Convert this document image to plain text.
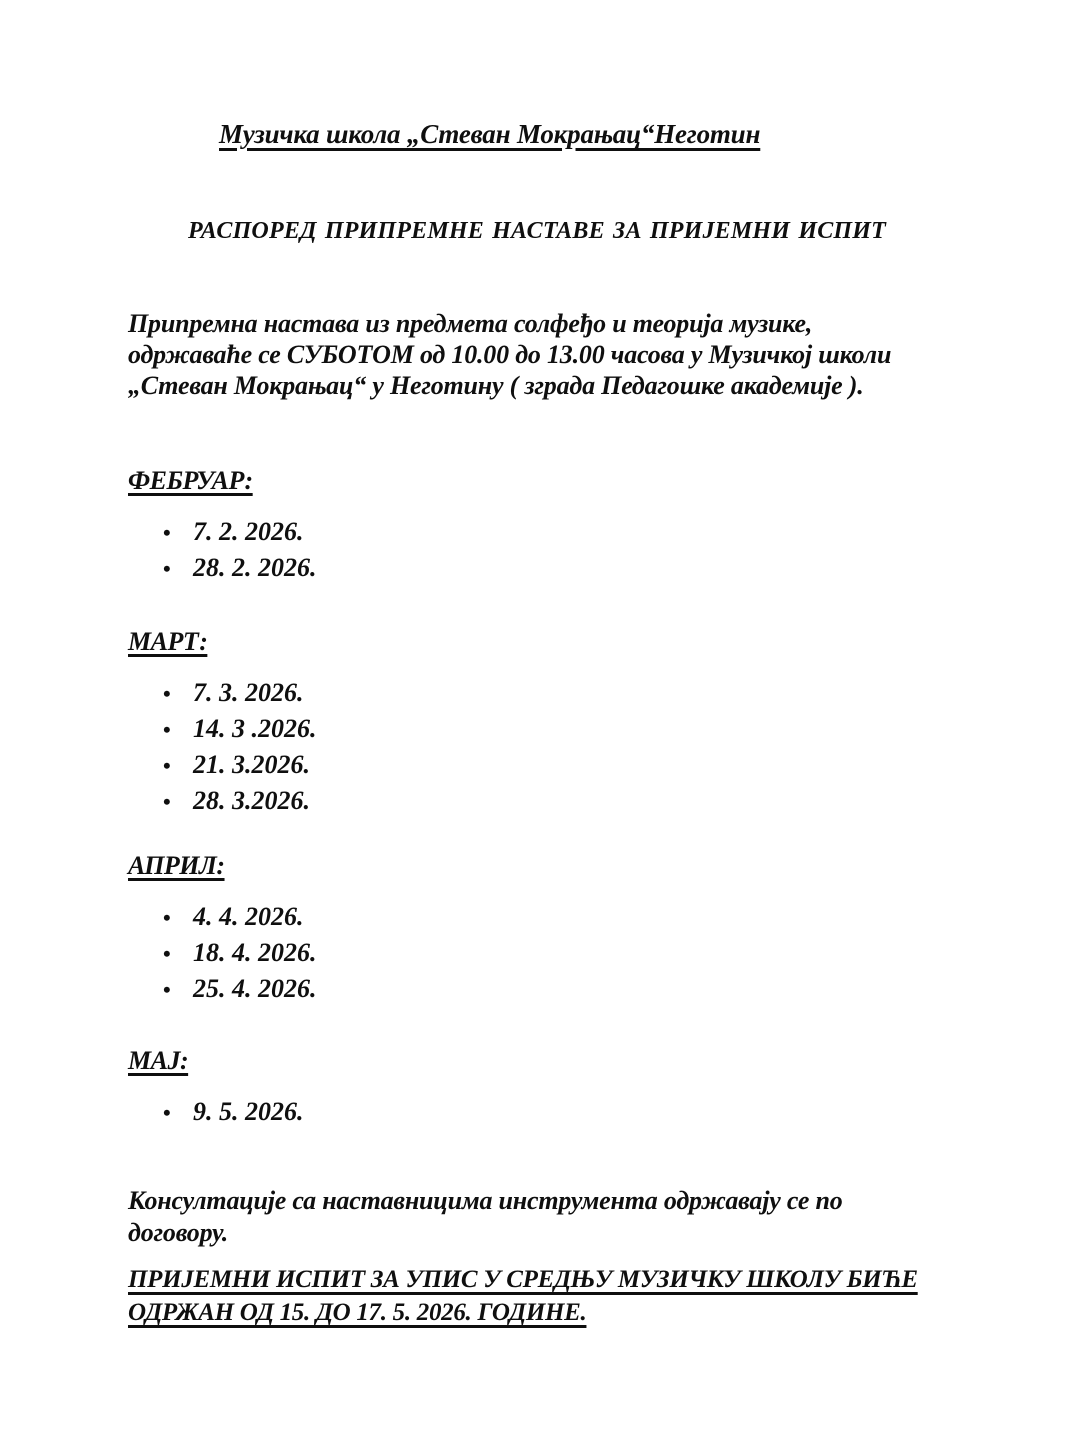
Музичка школа „Стеван Мокрањац“Неготин
РАСПОРЕД ПРИПРЕМНЕ НАСТАВЕ ЗА ПРИЈЕМНИ ИСПИТ
Припремна настава из предмета солфеђо и теорија музике,
одржаваће се СУБОТОМ од 10.00 до 13.00 часова у Музичкој школи
„Стеван Мокрањац“ у Неготину ( зграда Педагошке академије ).
ФЕБРУАР:
• 7. 2. 2026.
• 28. 2. 2026.
МАРТ:
• 7. 3. 2026.
• 14. 3 .2026.
• 21. 3.2026.
• 28. 3.2026.
АПРИЛ:
• 4. 4. 2026.
• 18. 4. 2026.
• 25. 4. 2026.
МАЈ:
• 9. 5. 2026.
Консултације са наставницима инструмента одржавају се по
договору.
ПРИЈЕМНИ ИСПИТ ЗА УПИС У СРЕДЊУ МУЗИЧКУ ШКОЛУ БИЋЕ
ОДРЖАН ОД 15. ДО 17. 5. 2026. ГОДИНЕ.
